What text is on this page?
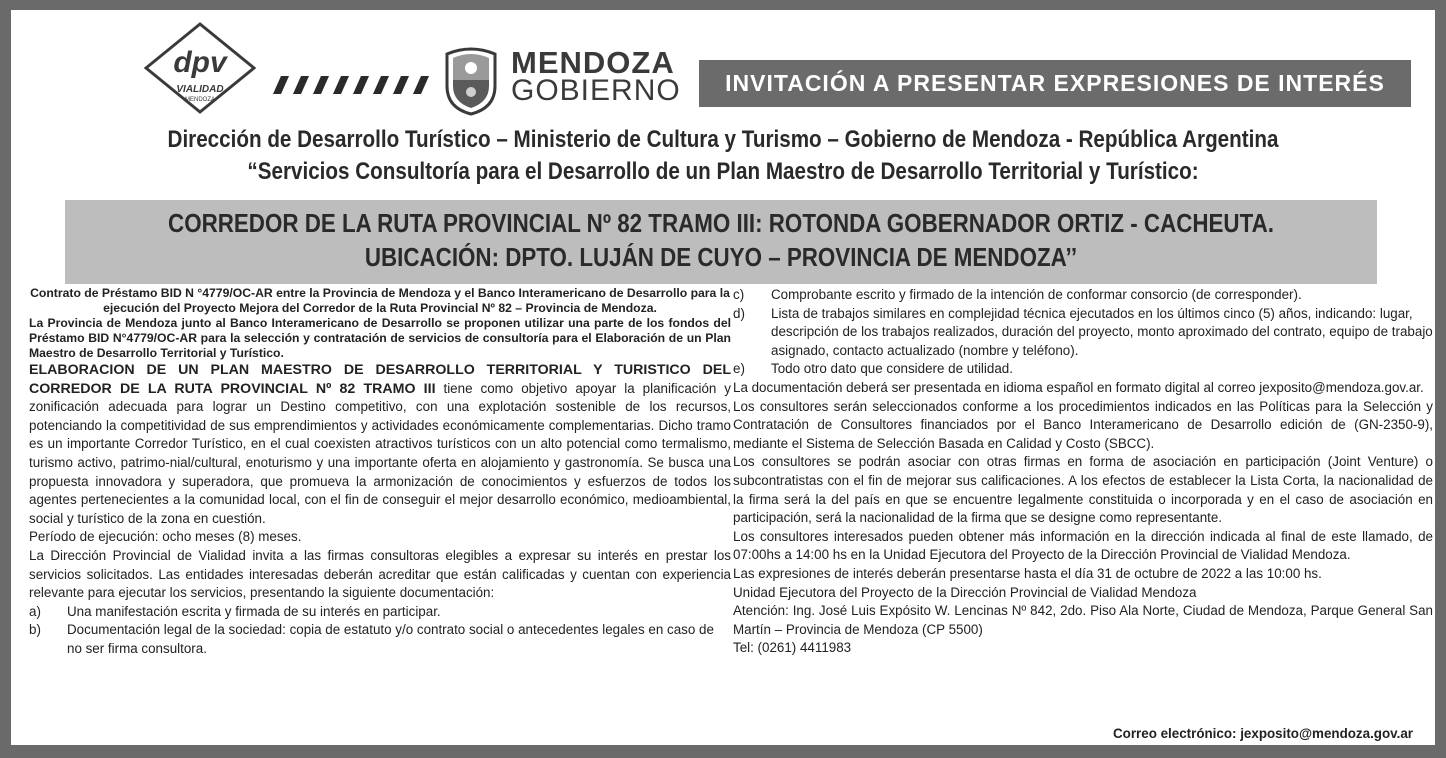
dpv
VIALIDAD
MENDOZA
MENDOZA
GOBIERNO	INVITACIÓN A PRESENTAR EXPRESIONES DE INTERÉS
Dirección de Desarrollo Turístico – Ministerio de Cultura y Turismo – Gobierno de Mendoza - República Argentina
“Servicios Consultoría para el Desarrollo de un Plan Maestro de Desarrollo Territorial y Turístico:
CORREDOR DE LA RUTA PROVINCIAL Nº 82 TRAMO III: ROTONDA GOBERNADOR ORTIZ - CACHEUTA.
UBICACIÓN: DPTO. LUJÁN DE CUYO – PROVINCIA DE MENDOZA’’

Contrato de Préstamo BID N °4779/OC-AR entre la Provincia de Mendoza y el Banco Interamericano de Desarrollo para la ejecución del Proyecto Mejora del Corredor de la Ruta Provincial Nº 82 – Provincia de Mendoza.

La Provincia de Mendoza junto al Banco Interamericano de Desarrollo se proponen utilizar una parte de los fondos del Préstamo BID N°4779/OC-AR para la selección y contratación de servicios de consultoría para el Elaboración de un Plan Maestro de Desarrollo Territorial y Turístico.

ELABORACION DE UN PLAN MAESTRO DE DESARROLLO TERRITORIAL Y TURISTICO DEL CORREDOR DE LA RUTA PROVINCIAL Nº 82 TRAMO III tiene como objetivo apoyar la planificación y zonificación adecuada para lograr un Destino competitivo, con una explotación sostenible de los recursos, potenciando la competitividad de sus emprendimientos y actividades económicamente complementarias. Dicho tramo es un importante Corredor Turístico, en el cual coexisten atractivos turísticos con un alto potencial como termalismo, turismo activo, patrimo-nial/cultural, enoturismo y una importante oferta en alojamiento y gastronomía. Se busca una propuesta innovadora y superadora, que promueva la armonización de conocimientos y esfuerzos de todos los agentes pertenecientes a la comunidad local, con el fin de conseguir el mejor desarrollo económico, medioambiental, social y turístico de la zona en cuestión.

Período de ejecución: ocho meses (8) meses.

La Dirección Provincial de Vialidad invita a las firmas consultoras elegibles a expresar su interés en prestar los servicios solicitados. Las entidades interesadas deberán acreditar que están calificadas y cuentan con experiencia relevante para ejecutar los servicios, presentando la siguiente documentación:

a)	Una manifestación escrita y firmada de su interés en participar.
b)	Documentación legal de la sociedad: copia de estatuto y/o contrato social o antecedentes legales en caso de no ser firma consultora.
c)	Comprobante escrito y firmado de la intención de conformar consorcio (de corresponder).
d)	Lista de trabajos similares en complejidad técnica ejecutados en los últimos cinco (5) años, indicando: lugar, descripción de los trabajos realizados, duración del proyecto, monto aproximado del contrato, equipo de trabajo asignado, contacto actualizado (nombre y teléfono).
e)	Todo otro dato que considere de utilidad.

La documentación deberá ser presentada en idioma español en formato digital al correo jexposito@mendoza.gov.ar.

Los consultores serán seleccionados conforme a los procedimientos indicados en las Políticas para la Selección y Contratación de Consultores financiados por el Banco Interamericano de Desarrollo edición de (GN-2350-9), mediante el Sistema de Selección Basada en Calidad y Costo (SBCC).

Los consultores se podrán asociar con otras firmas en forma de asociación en participación (Joint Venture) o subcontratistas con el fin de mejorar sus calificaciones. A los efectos de establecer la Lista Corta, la nacionalidad de la firma será la del país en que se encuentre legalmente constituida o incorporada y en el caso de asociación en participación, será la nacionalidad de la firma que se designe como representante.

Los consultores interesados pueden obtener más información en la dirección indicada al final de este llamado, de 07:00hs a 14:00 hs en la Unidad Ejecutora del Proyecto de la Dirección Provincial de Vialidad Mendoza.

Las expresiones de interés deberán presentarse hasta el día 31 de octubre de 2022 a las 10:00 hs.

Unidad Ejecutora del Proyecto de la Dirección Provincial de Vialidad Mendoza

Atención: Ing. José Luis Expósito W. Lencinas Nº 842, 2do. Piso Ala Norte, Ciudad de Mendoza, Parque General San Martín – Provincia de Mendoza (CP 5500)

Tel: (0261) 4411983

Correo electrónico: jexposito@mendoza.gov.ar
